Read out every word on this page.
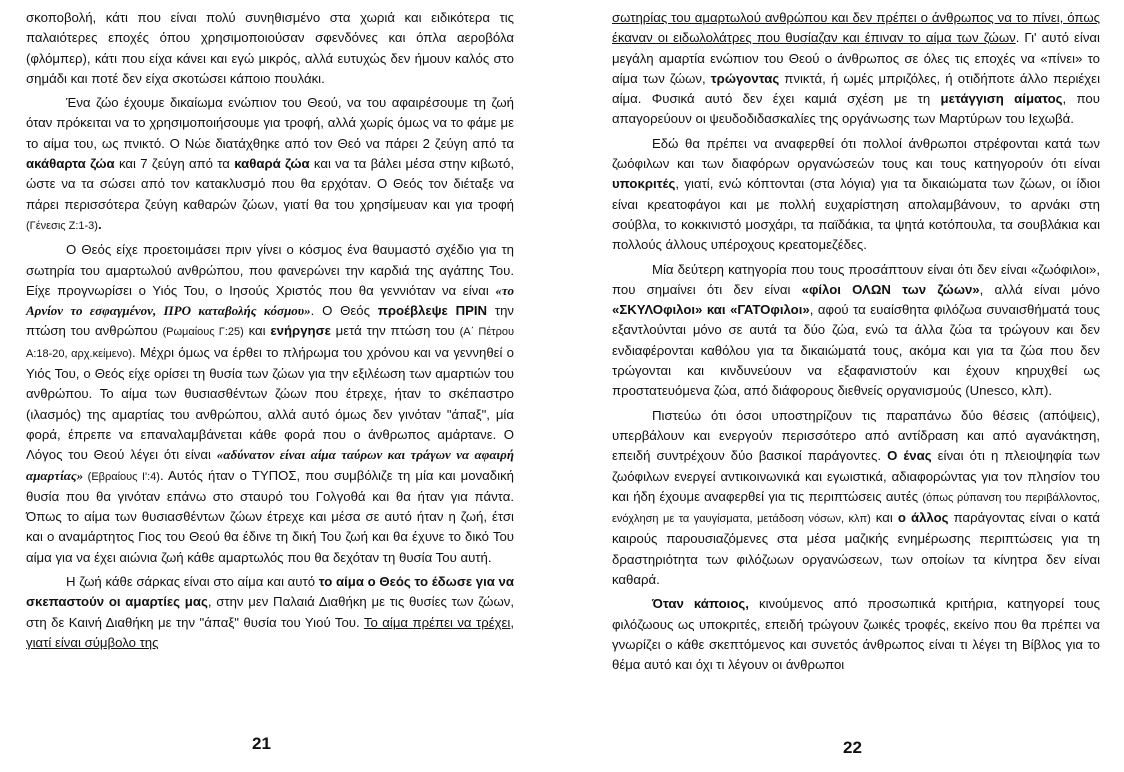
σκοποβολή, κάτι που είναι πολύ συνηθισμένο στα χωριά και ειδικότερα τις παλαιότερες εποχές όπου χρησιμοποιούσαν σφενδόνες και όπλα αεροβόλα (φλόμπερ), κάτι που είχα κάνει και εγώ μικρός, αλλά ευτυχώς δεν ήμουν καλός στο σημάδι και ποτέ δεν είχα σκοτώσει κάποιο πουλάκι.

Ένα ζώο έχουμε δικαίωμα ενώπιον του Θεού, να του αφαιρέσουμε τη ζωή όταν πρόκειται να το χρησιμοποιήσουμε για τροφή, αλλά χωρίς όμως να το φάμε με το αίμα του, ως πνικτό. Ο Νώε διατάχθηκε από τον Θεό να πάρει 2 ζεύγη από τα ακάθαρτα ζώα και 7 ζεύγη από τα καθαρά ζώα και να τα βάλει μέσα στην κιβωτό, ώστε να τα σώσει από τον κατακλυσμό που θα ερχόταν. Ο Θεός τον διέταξε να πάρει περισσότερα ζεύγη καθαρών ζώων, γιατί θα του χρησίμευαν και για τροφή (Γένεσις Ζ:1-3).

Ο Θεός είχε προετοιμάσει πριν γίνει ο κόσμος ένα θαυμαστό σχέδιο για τη σωτηρία του αμαρτωλού ανθρώπου, που φανερώνει την καρδιά της αγάπης Του. Είχε προγνωρίσει ο Υιός Του, ο Ιησούς Χριστός που θα γεννιόταν να είναι «το Αρνίον το εσφαγμένον, ΠΡΟ καταβολής κόσμου». Ο Θεός προέβλεψε ΠΡΙΝ την πτώση του ανθρώπου (Ρωμαίους Γ:25) και ενήργησε μετά την πτώση του (Α΄ Πέτρου Α:18-20, αρχ.κείμενο). Μέχρι όμως να έρθει το πλήρωμα του χρόνου και να γεννηθεί ο Υιός Του, ο Θεός είχε ορίσει τη θυσία των ζώων για την εξιλέωση των αμαρτιών του ανθρώπου. Το αίμα των θυσιασθέντων ζώων που έτρεχε, ήταν το σκέπαστρο (ιλασμός) της αμαρτίας του ανθρώπου, αλλά αυτό όμως δεν γινόταν "άπαξ", μία φορά, έπρεπε να επαναλαμβάνεται κάθε φορά που ο άνθρωπος αμάρτανε. Ο Λόγος του Θεού λέγει ότι είναι «αδύνατον είναι αίμα ταύρων και τράγων να αφαιρή αμαρτίας» (Εβραίους Ι':4). Αυτός ήταν ο ΤΥΠΟΣ, που συμβόλιζε τη μία και μοναδική θυσία που θα γινόταν επάνω στο σταυρό του Γολγοθά και θα ήταν για πάντα. Όπως το αίμα των θυσιασθέντων ζώων έτρεχε και μέσα σε αυτό ήταν η ζωή, έτσι και ο αναμάρτητος Γιος του Θεού θα έδινε τη δική Του ζωή και θα έχυνε το δικό Του αίμα για να έχει αιώνια ζωή κάθε αμαρτωλός που θα δεχόταν τη θυσία Του αυτή.

Η ζωή κάθε σάρκας είναι στο αίμα και αυτό το αίμα ο Θεός το έδωσε για να σκεπαστούν οι αμαρτίες μας, στην μεν Παλαιά Διαθήκη με τις θυσίες των ζώων, στη δε Καινή Διαθήκη με την "άπαξ" θυσία του Υιού Του. Το αίμα πρέπει να τρέχει, γιατί είναι σύμβολο της

21

σωτηρίας του αμαρτωλού ανθρώπου και δεν πρέπει ο άνθρωπος να το πίνει, όπως έκαναν οι ειδωλολάτρες που θυσίαζαν και έπιναν το αίμα των ζώων. Γι' αυτό είναι μεγάλη αμαρτία ενώπιον του Θεού ο άνθρωπος σε όλες τις εποχές να «πίνει» το αίμα των ζώων, τρώγοντας πνικτά, ή ωμές μπριζόλες, ή οτιδήποτε άλλο περιέχει αίμα. Φυσικά αυτό δεν έχει καμιά σχέση με τη μετάγγιση αίματος, που απαγορεύουν οι ψευδοδιδασκαλίες της οργάνωσης των Μαρτύρων του Ιεχωβά.

Εδώ θα πρέπει να αναφερθεί ότι πολλοί άνθρωποι στρέφονται κατά των ζωόφιλων και των διαφόρων οργανώσεών τους και τους κατηγορούν ότι είναι υποκριτές, γιατί, ενώ κόπτονται (στα λόγια) για τα δικαιώματα των ζώων, οι ίδιοι είναι κρεατοφάγοι και με πολλή ευχαρίστηση απολαμβάνουν, το αρνάκι στη σούβλα, το κοκκινιστό μοσχάρι, τα παϊδάκια, τα ψητά κοτόπουλα, τα σουβλάκια και πολλούς άλλους υπέροχους κρεατομεζέδες.

Μία δεύτερη κατηγορία που τους προσάπτουν είναι ότι δεν είναι «ζωόφιλοι», που σημαίνει ότι δεν είναι «φίλοι ΟΛΩΝ των ζώων», αλλά είναι μόνο «ΣΚΥΛΟφιλοι» και «ΓΑΤΟφιλοι», αφού τα ευαίσθητα φιλόζωα συναισθήματά τους εξαντλούνται μόνο σε αυτά τα δύο ζώα, ενώ τα άλλα ζώα τα τρώγουν και δεν ενδιαφέρονται καθόλου για τα δικαιώματά τους, ακόμα και για τα ζώα που δεν τρώγονται και κινδυνεύουν να εξαφανιστούν και έχουν κηρυχθεί ως προστατευόμενα ζώα, από διάφορους διεθνείς οργανισμούς (Unesco, κλπ).

Πιστεύω ότι όσοι υποστηρίζουν τις παραπάνω δύο θέσεις (απόψεις), υπερβάλουν και ενεργούν περισσότερο από αντίδραση και από αγανάκτηση, επειδή συντρέχουν δύο βασικοί παράγοντες. Ο ένας είναι ότι η πλειοψηφία των ζωόφιλων ενεργεί αντικοινωνικά και εγωιστικά, αδιαφορώντας για τον πλησίον του και ήδη έχουμε αναφερθεί για τις περιπτώσεις αυτές (όπως ρύπανση του περιβάλλοντος, ενόχληση με τα γαυγίσματα, μετάδοση νόσων, κλπ) και ο άλλος παράγοντας είναι ο κατά καιρούς παρουσιαζόμενες στα μέσα μαζικής ενημέρωσης περιπτώσεις για τη δραστηριότητα των φιλόζωων οργανώσεων, των οποίων τα κίνητρα δεν είναι καθαρά.

Όταν κάποιος, κινούμενος από προσωπικά κριτήρια, κατηγορεί τους φιλόζωους ως υποκριτές, επειδή τρώγουν ζωικές τροφές, εκείνο που θα πρέπει να γνωρίζει ο κάθε σκεπτόμενος και συνετός άνθρωπος είναι τι λέγει τη Βίβλος για το θέμα αυτό και όχι τι λέγουν οι άνθρωποι

22
